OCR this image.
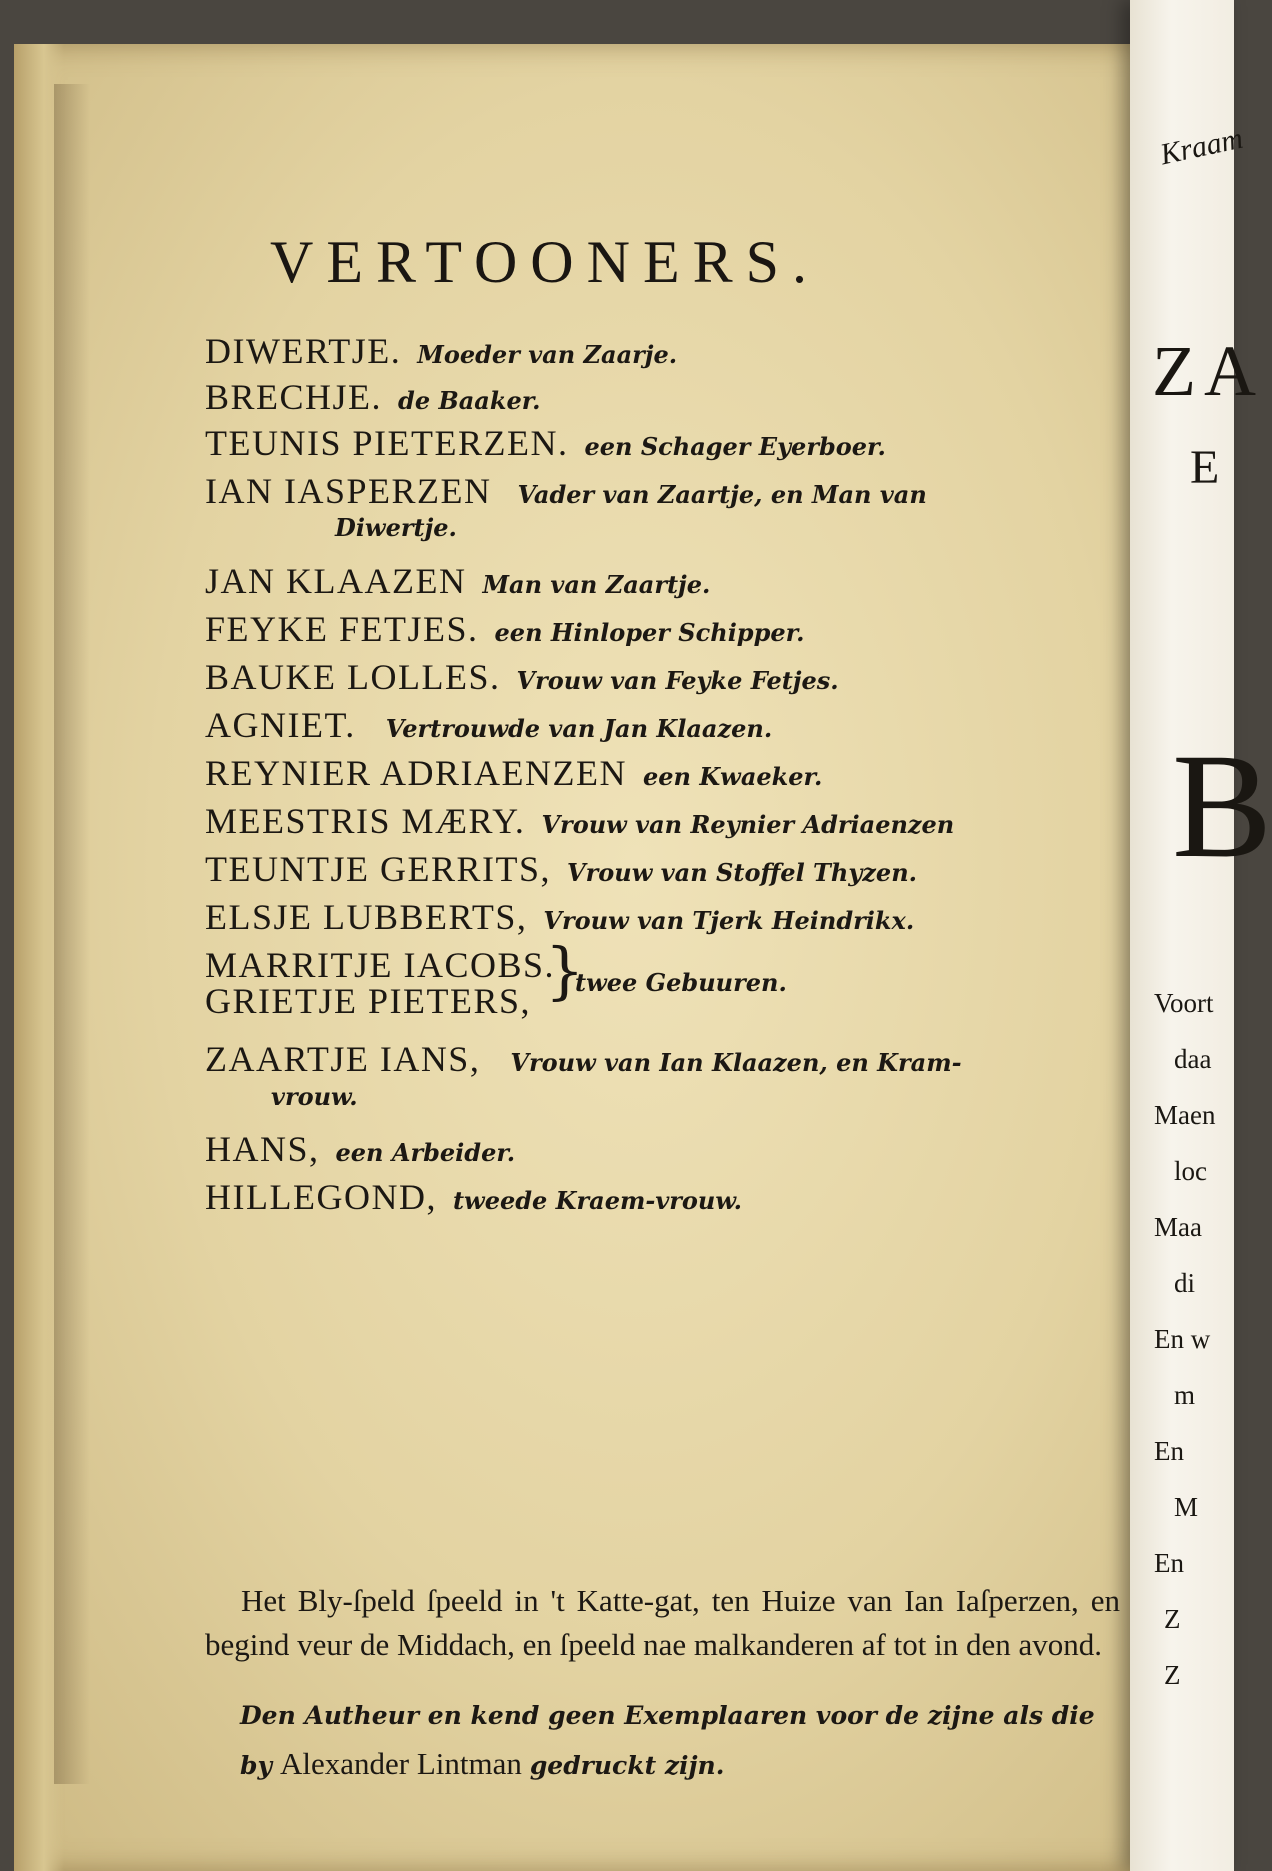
Kraam
ZA
E
B
Voort
daa
Maen
loc
Maa
di
En w
m
En
M
En
Z
Z
VERTOONERS.
DIWERTJE. Moeder van Zaarje.
BRECHJE. de Baaker.
TEUNIS PIETERZEN. een Schager Eyerboer.
IAN IASPERZEN Vader van Zaartje, en Man van
Diwertje.
JAN KLAAZEN Man van Zaartje.
FEYKE FETJES. een Hinloper Schipper.
BAUKE LOLLES. Vrouw van Feyke Fetjes.
AGNIET. Vertrouwde van Jan Klaazen.
REYNIER ADRIAENZEN een Kwaeker.
MEESTRIS MÆRY. Vrouw van Reynier Adriaenzen
TEUNTJE GERRITS, Vrouw van Stoffel Thyzen.
ELSJE LUBBERTS, Vrouw van Tjerk Heindrikx.
MARRITJE IACOBS.
GRIETJE PIETERS, }
twee Gebuuren.
ZAARTJE IANS, Vrouw van Ian Klaazen, en Kram-
vrouw.
HANS, een Arbeider.
HILLEGOND, tweede Kraem-vrouw.

Het Bly-ſpeld ſpeeld in 't Katte-gat, ten Huize van Ian Iaſperzen, en begind veur de Middach, en ſpeeld nae malkanderen af tot in den avond.

Den Autheur en kend geen Exemplaaren voor de zijne als die by Alexander Lintman gedruckt zijn.
